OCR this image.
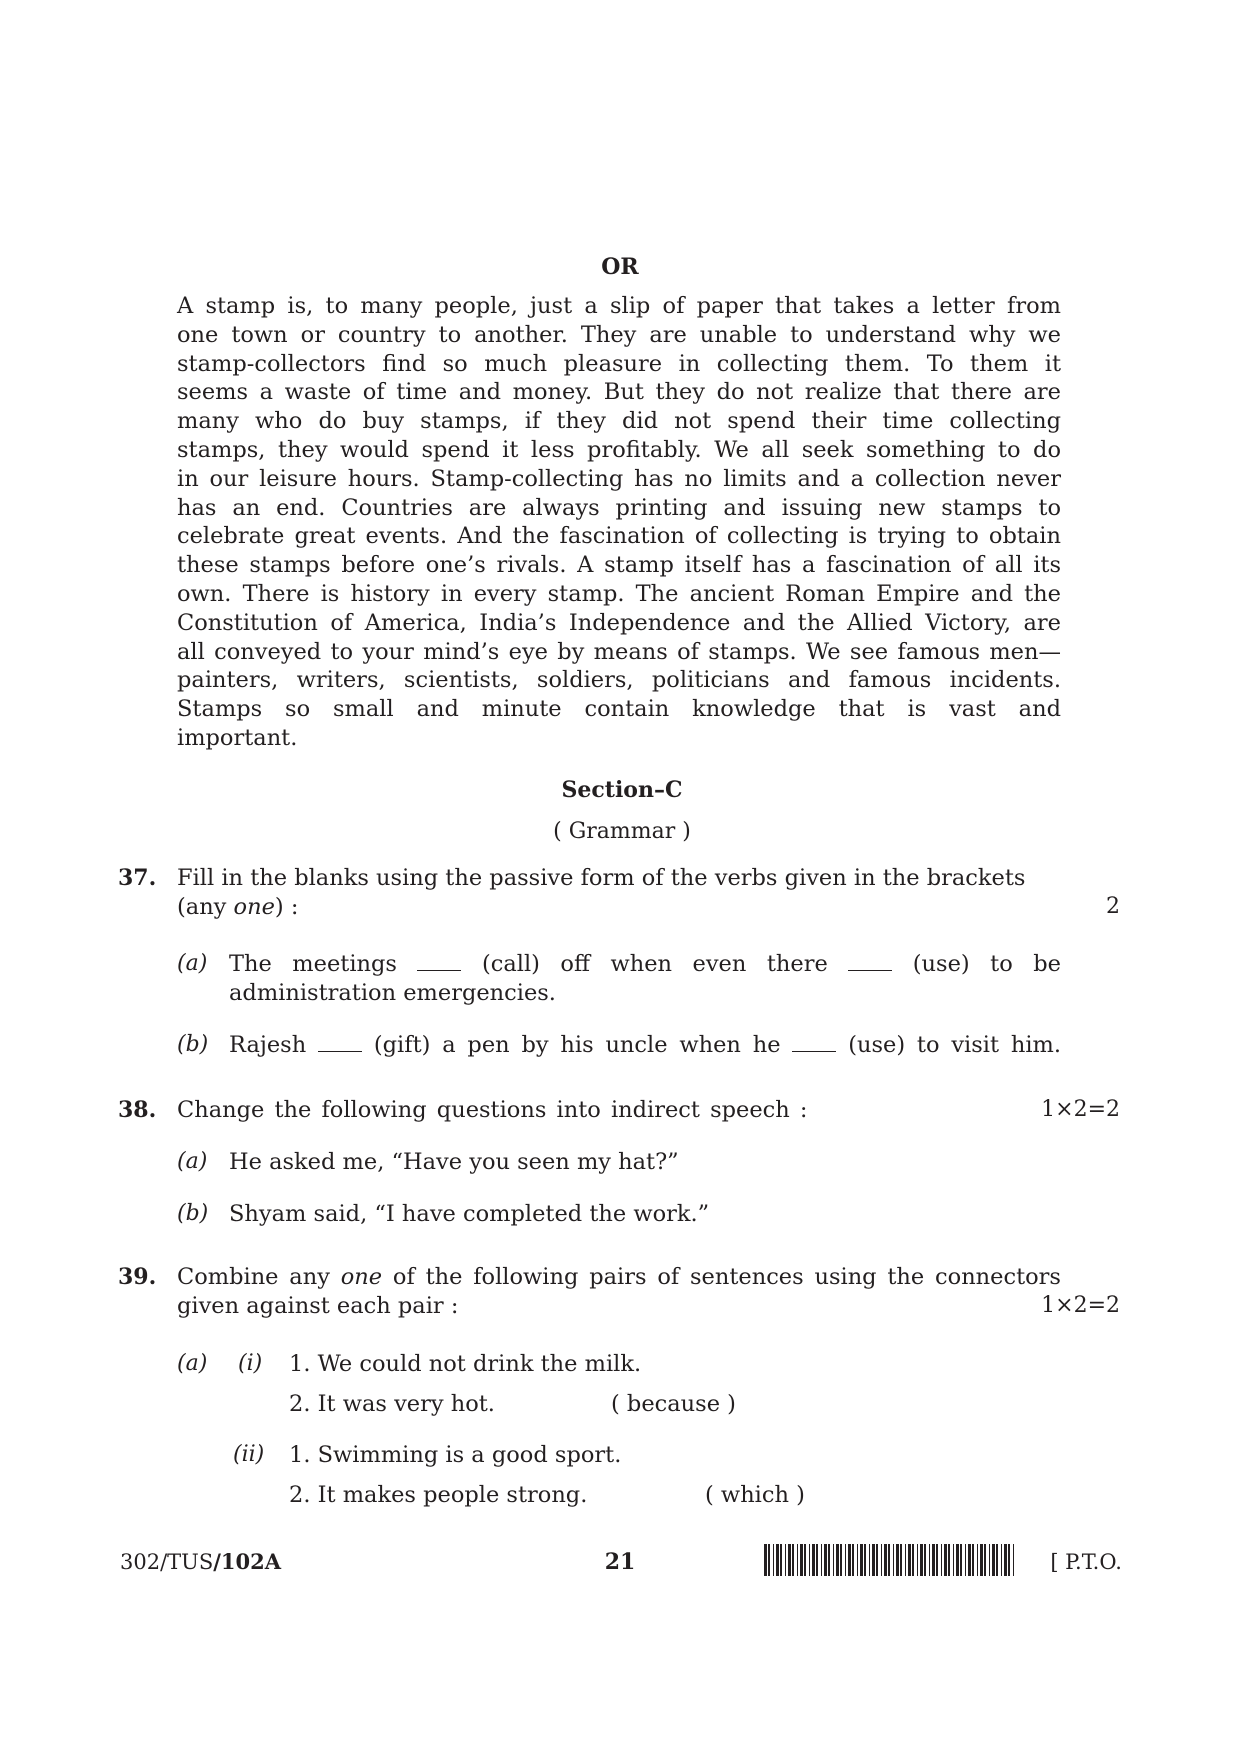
OR
A stamp is, to many people, just a slip of paper that takes a letter from
one town or country to another. They are unable to understand why we
stamp-collectors find so much pleasure in collecting them. To them it
seems a waste of time and money. But they do not realize that there are
many who do buy stamps, if they did not spend their time collecting
stamps, they would spend it less profitably. We all seek something to do
in our leisure hours. Stamp-collecting has no limits and a collection never
has an end. Countries are always printing and issuing new stamps to
celebrate great events. And the fascination of collecting is trying to obtain
these stamps before one’s rivals. A stamp itself has a fascination of all its
own. There is history in every stamp. The ancient Roman Empire and the
Constitution of America, India’s Independence and the Allied Victory, are
all conveyed to your mind’s eye by means of stamps. We see famous men—
painters, writers, scientists, soldiers, politicians and famous incidents.
Stamps so small and minute contain knowledge that is vast and
important.
Section–C
( Grammar )
37. Fill in the blanks using the passive form of the verbs given in the brackets
(any one) :	2
(a) The meetings	(call) off when even there	(use) to be
administration emergencies.
(b) Rajesh	(gift) a pen by his uncle when he	(use) to visit him.
38. Change the following questions into indirect speech :	1×2=2
(a) He asked me, “Have you seen my hat?”
(b) Shyam said, “I have completed the work.”
39. Combine any one of the following pairs of sentences using the connectors
given against each pair :	1×2=2
(a) (i) 1. We could not drink the milk.
2. It was very hot.	( because )
(ii) 1. Swimming is a good sport.
2. It makes people strong.	( which )
302/TUS/102A	21	[ P.T.O.
